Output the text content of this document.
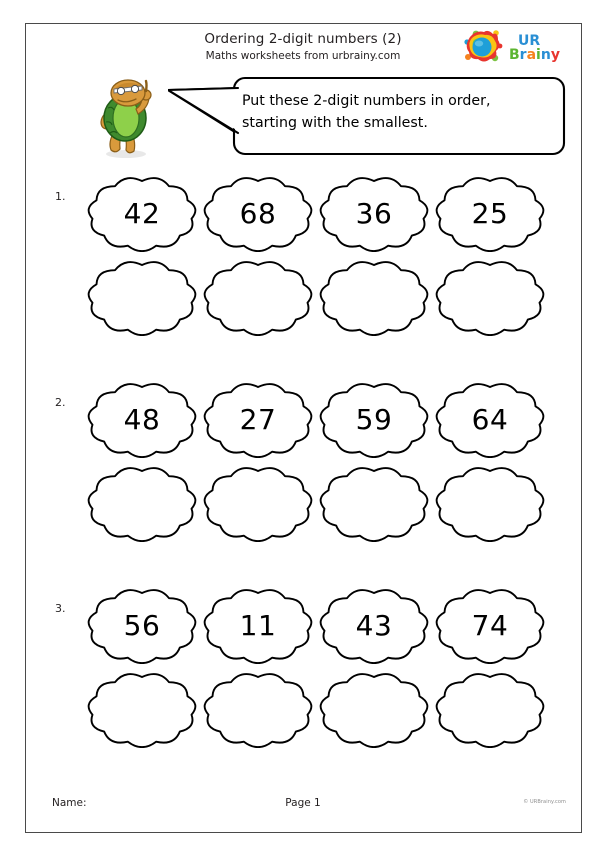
Ordering 2-digit numbers (2)
Maths worksheets from urbrainy.com
UR
Brainy
Put these 2-digit numbers in order,
starting with the smallest.
1.	42	68	36	25
2.	48	27	59	64
3.	56	11	43	74
Name:	Page 1	© URBrainy.com
